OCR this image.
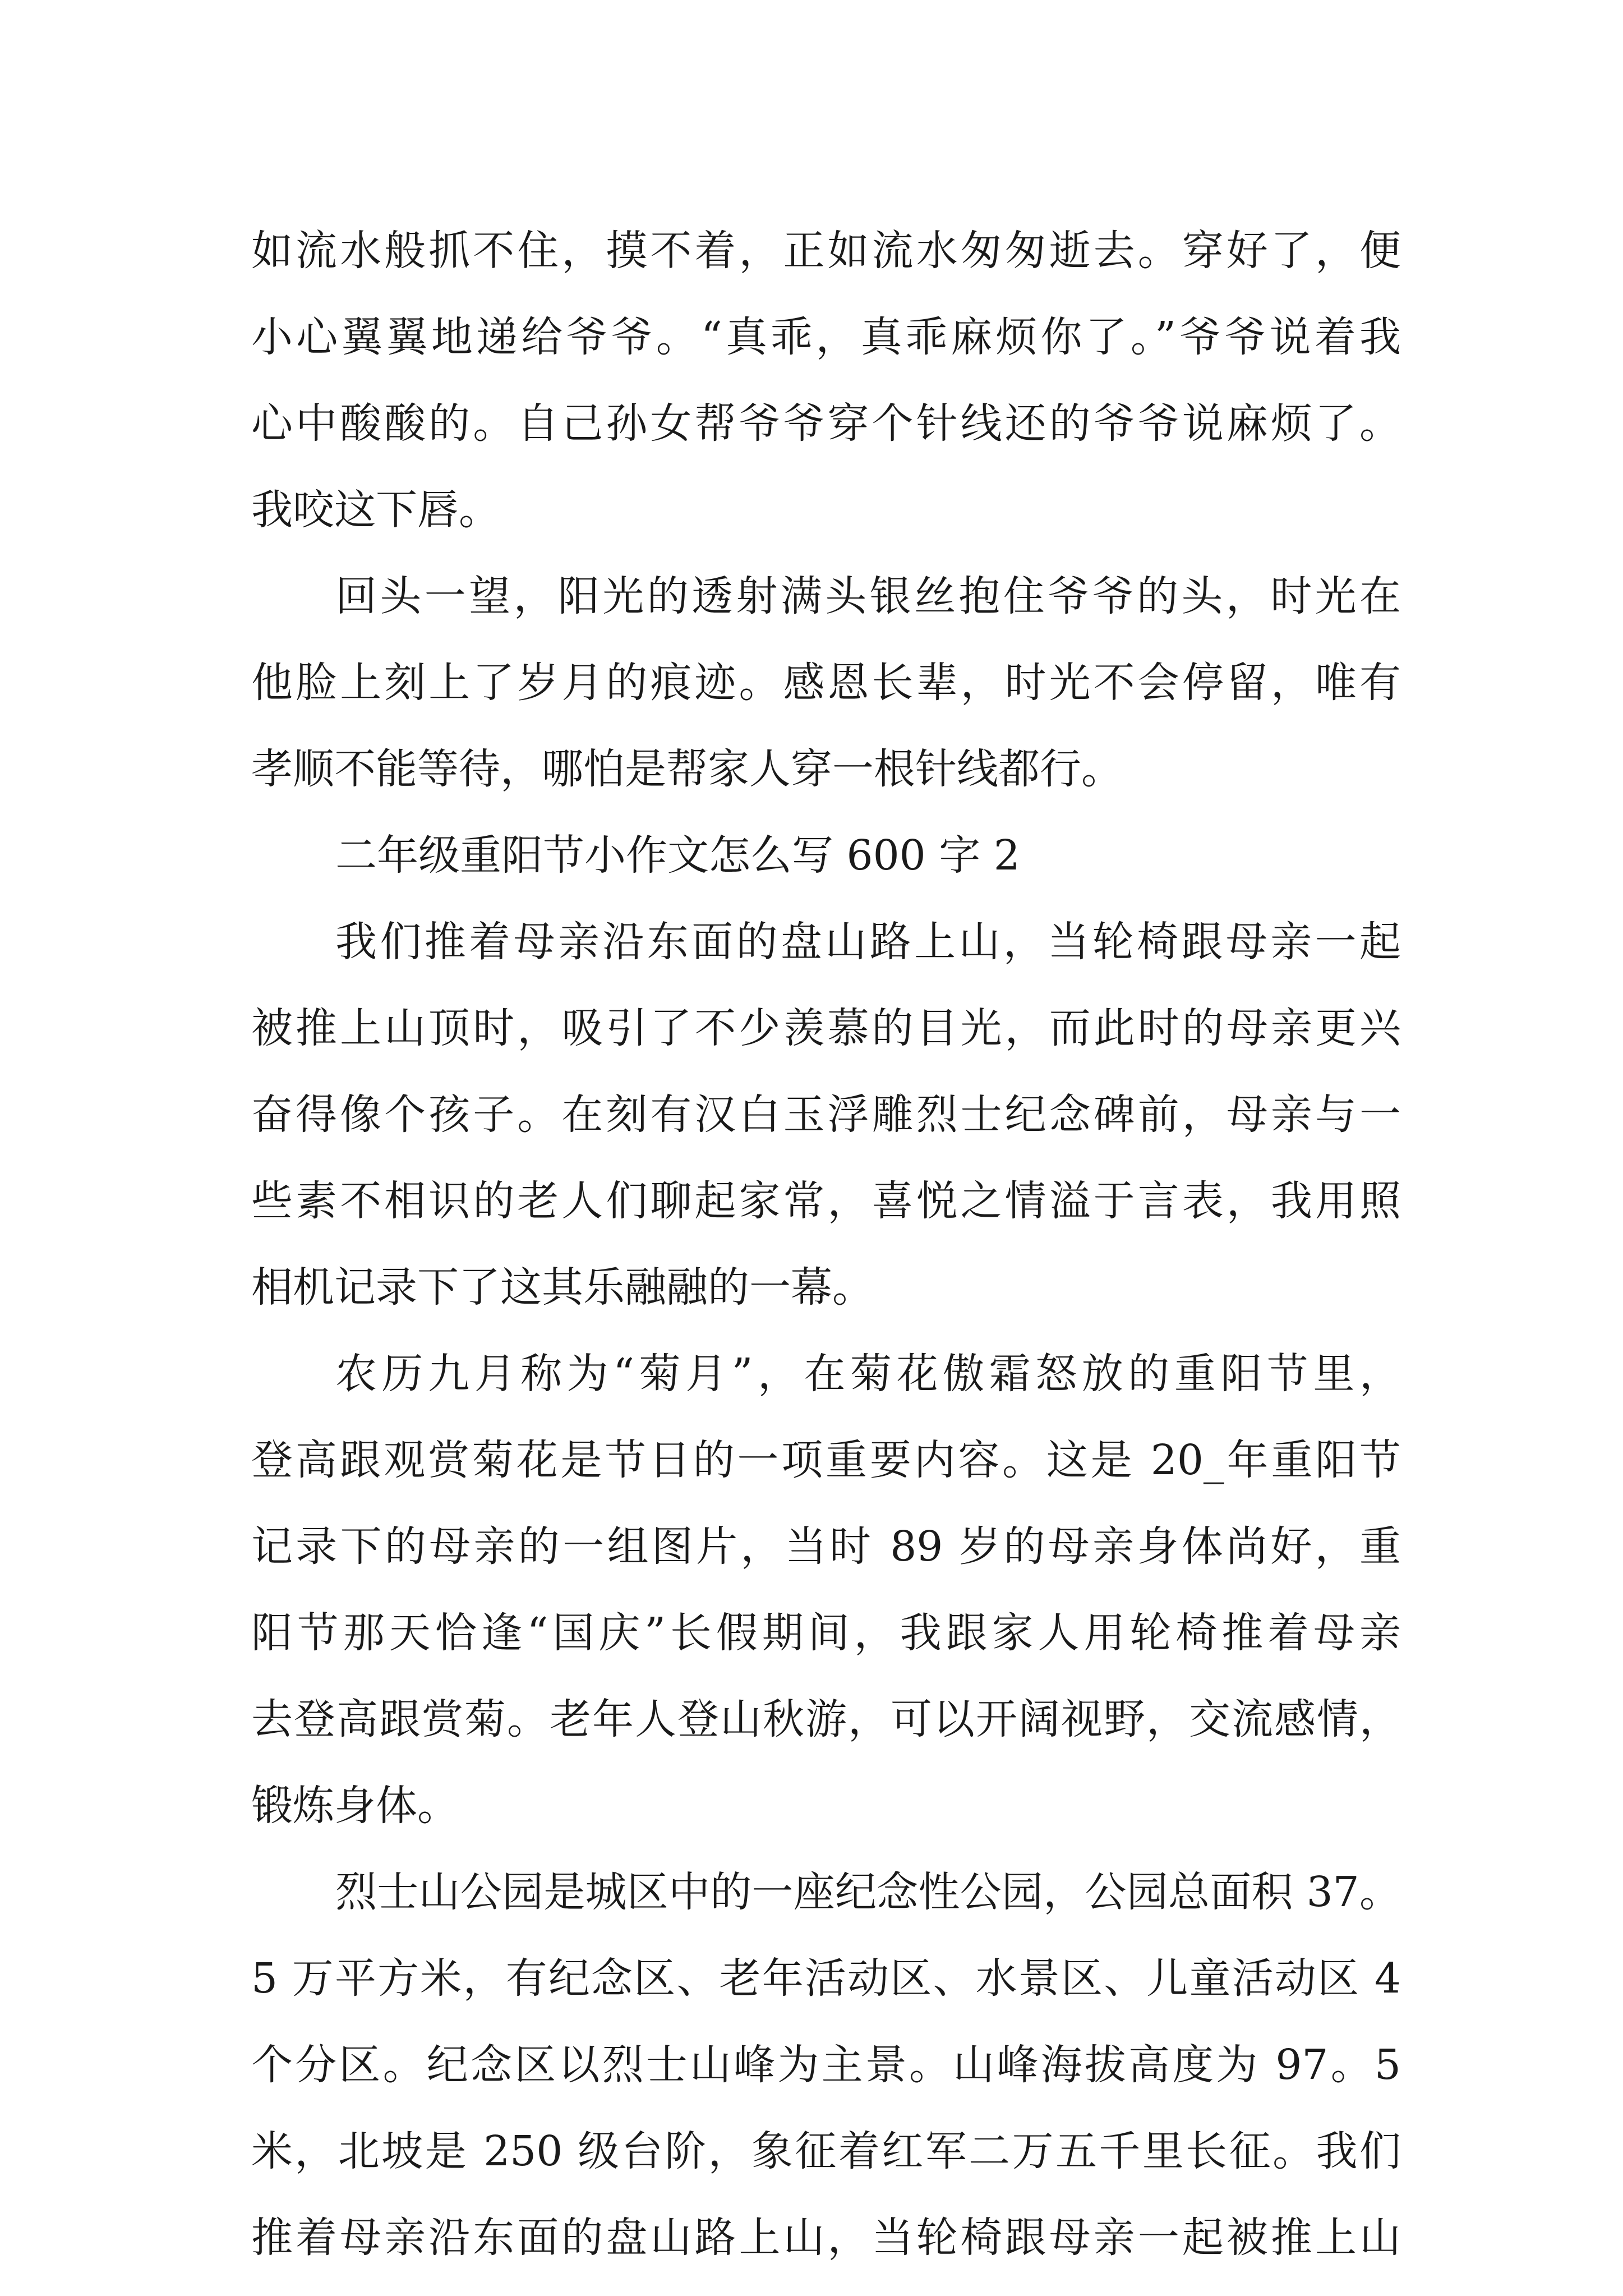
如流水般抓不住，摸不着，正如流水匆匆逝去。穿好了，便
小心翼翼地递给爷爷。“真乖，真乖麻烦你了。”爷爷说着我
心中酸酸的。自己孙女帮爷爷穿个针线还的爷爷说麻烦了。
我咬这下唇。
回头一望，阳光的透射满头银丝抱住爷爷的头，时光在
他脸上刻上了岁月的痕迹。感恩长辈，时光不会停留，唯有
孝顺不能等待，哪怕是帮家人穿一根针线都行。
二年级重阳节小作文怎么写 600 字 2
我们推着母亲沿东面的盘山路上山，当轮椅跟母亲一起
被推上山顶时，吸引了不少羡慕的目光，而此时的母亲更兴
奋得像个孩子。在刻有汉白玉浮雕烈士纪念碑前，母亲与一
些素不相识的老人们聊起家常，喜悦之情溢于言表，我用照
相机记录下了这其乐融融的一幕。
农历九月称为“菊月”，在菊花傲霜怒放的重阳节里，
登高跟观赏菊花是节日的一项重要内容。这是 20_年重阳节
记录下的母亲的一组图片，当时 89 岁的母亲身体尚好，重
阳节那天恰逢“国庆”长假期间，我跟家人用轮椅推着母亲
去登高跟赏菊。老年人登山秋游，可以开阔视野，交流感情，
锻炼身体。
烈士山公园是城区中的一座纪念性公园，公园总面积 37。
5 万平方米，有纪念区、老年活动区、水景区、儿童活动区 4
个分区。纪念区以烈士山峰为主景。山峰海拔高度为 97。5
米，北坡是 250 级台阶，象征着红军二万五千里长征。我们
推着母亲沿东面的盘山路上山，当轮椅跟母亲一起被推上山
